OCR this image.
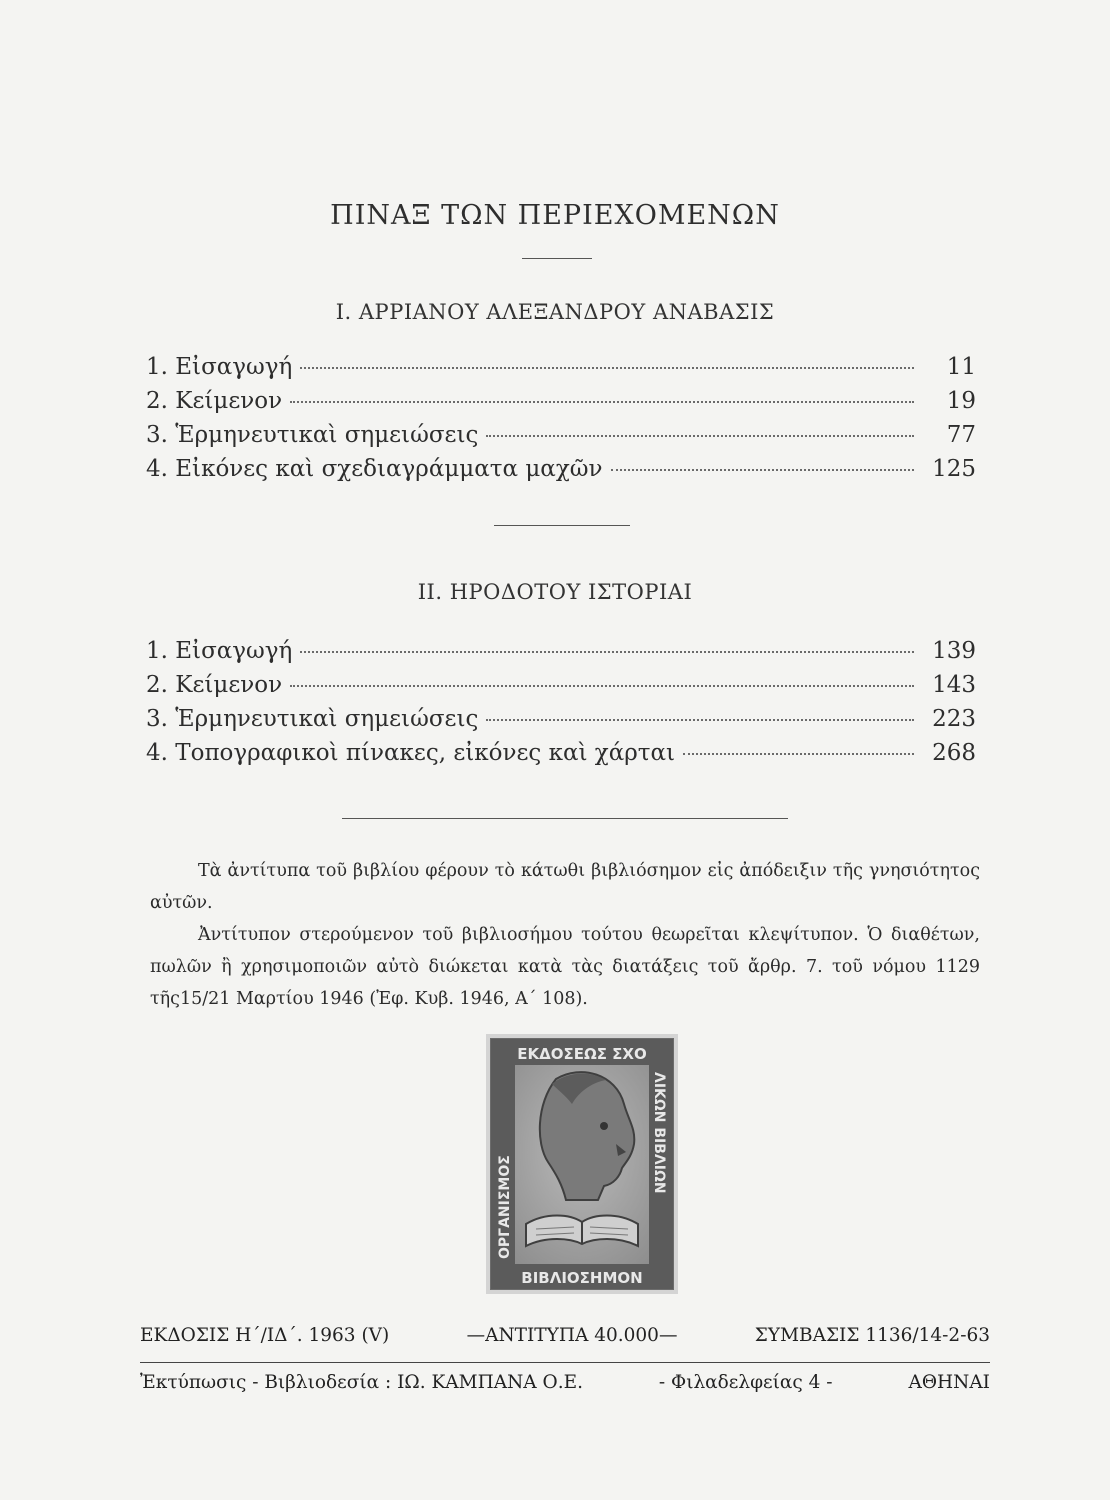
ΠΙΝΑΞ ΤΩΝ ΠΕΡΙΕΧΟΜΕΝΩΝ
Ι. ΑΡΡΙΑΝΟΥ ΑΛΕΞΑΝΔΡΟΥ ΑΝΑΒΑΣΙΣ
1. Εἰσαγωγή	11
2. Κείμενον	19
3. Ἑρμηνευτικαὶ σημειώσεις	77
4. Εἰκόνες καὶ σχεδιαγράμματα μαχῶν	125
ΙΙ. ΗΡΟΔΟΤΟΥ ΙΣΤΟΡΙΑΙ
1. Εἰσαγωγή	139
2. Κείμενον	143
3. Ἑρμηνευτικαὶ σημειώσεις	223
4. Τοπογραφικοὶ πίνακες, εἰκόνες καὶ χάρται	268

Τὰ ἀντίτυπα τοῦ βιβλίου φέρουν τὸ κάτωθι βιβλιόσημον εἰς ἀπόδειξιν τῆς γνησιότητος αὐτῶν.

Ἀντίτυπον στερούμενον τοῦ βιβλιοσήμου τούτου θεωρεῖται κλεψίτυπον. Ὁ διαθέτων, πωλῶν ἢ χρησιμοποιῶν αὐτὸ διώκεται κατὰ τὰς διατάξεις τοῦ ἄρθρ. 7. τοῦ νόμου 1129 τῆς15/21 Μαρτίου 1946 (Ἐφ. Κυβ. 1946, Α΄ 108).

ΕΚΔΟΣΕΩΣ ΣΧΟ
ΒΙΒΛΙΟΣΗΜΟΝ
ΟΡΓΑΝΙΣΜΟΣ
ΛΙΚΩΝ ΒΙΒΛΙΩΝ
ΕΚΔΟΣΙΣ Η΄/ΙΔ΄. 1963 (V)	—ΑΝΤΙΤΥΠΑ 40.000—	ΣΥΜΒΑΣΙΣ 1136/14-2-63
Ἐκτύπωσις - Βιβλιοδεσία : ΙΩ. ΚΑΜΠΑΝΑ Ο.Ε.	- Φιλαδελφείας 4 -	ΑΘΗΝΑΙ
